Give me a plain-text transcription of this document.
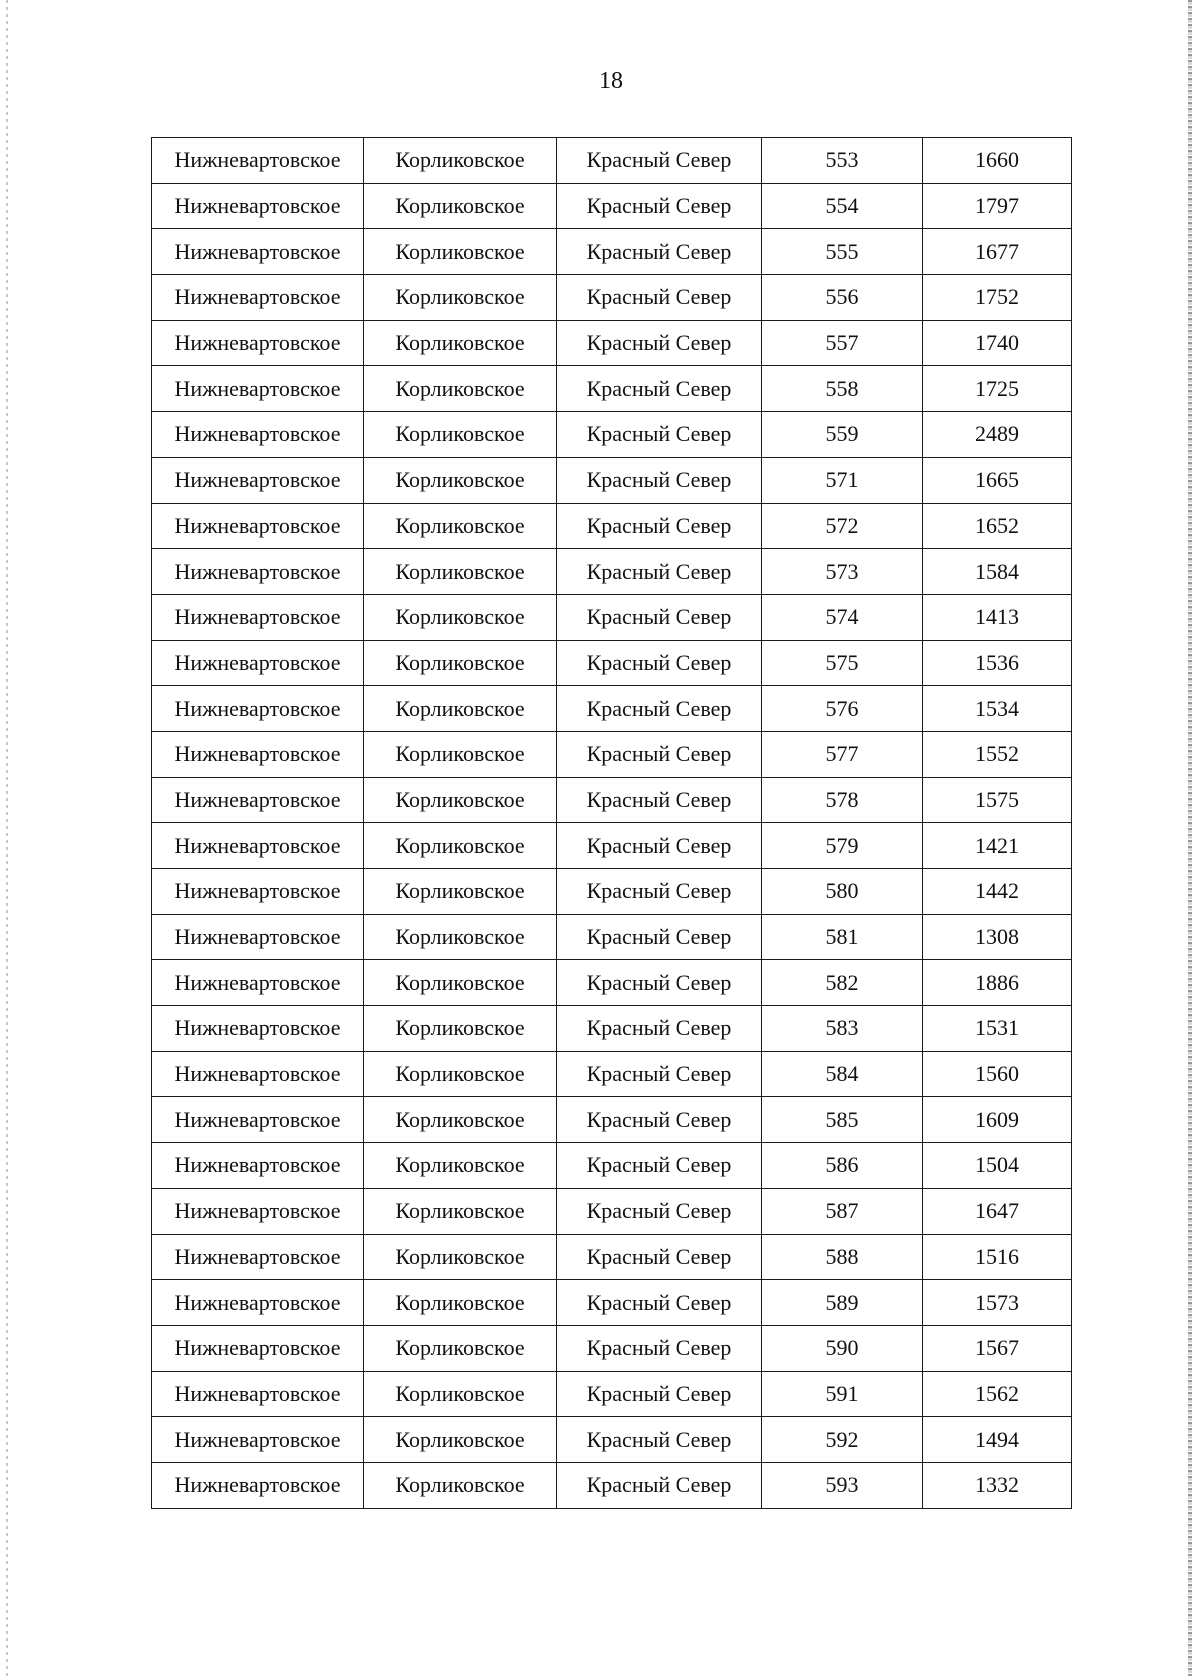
18
Нижневартовское	Корликовское	Красный Север	553	1660
Нижневартовское	Корликовское	Красный Север	554	1797
Нижневартовское	Корликовское	Красный Север	555	1677
Нижневартовское	Корликовское	Красный Север	556	1752
Нижневартовское	Корликовское	Красный Север	557	1740
Нижневартовское	Корликовское	Красный Север	558	1725
Нижневартовское	Корликовское	Красный Север	559	2489
Нижневартовское	Корликовское	Красный Север	571	1665
Нижневартовское	Корликовское	Красный Север	572	1652
Нижневартовское	Корликовское	Красный Север	573	1584
Нижневартовское	Корликовское	Красный Север	574	1413
Нижневартовское	Корликовское	Красный Север	575	1536
Нижневартовское	Корликовское	Красный Север	576	1534
Нижневартовское	Корликовское	Красный Север	577	1552
Нижневартовское	Корликовское	Красный Север	578	1575
Нижневартовское	Корликовское	Красный Север	579	1421
Нижневартовское	Корликовское	Красный Север	580	1442
Нижневартовское	Корликовское	Красный Север	581	1308
Нижневартовское	Корликовское	Красный Север	582	1886
Нижневартовское	Корликовское	Красный Север	583	1531
Нижневартовское	Корликовское	Красный Север	584	1560
Нижневартовское	Корликовское	Красный Север	585	1609
Нижневартовское	Корликовское	Красный Север	586	1504
Нижневартовское	Корликовское	Красный Север	587	1647
Нижневартовское	Корликовское	Красный Север	588	1516
Нижневартовское	Корликовское	Красный Север	589	1573
Нижневартовское	Корликовское	Красный Север	590	1567
Нижневартовское	Корликовское	Красный Север	591	1562
Нижневартовское	Корликовское	Красный Север	592	1494
Нижневартовское	Корликовское	Красный Север	593	1332
